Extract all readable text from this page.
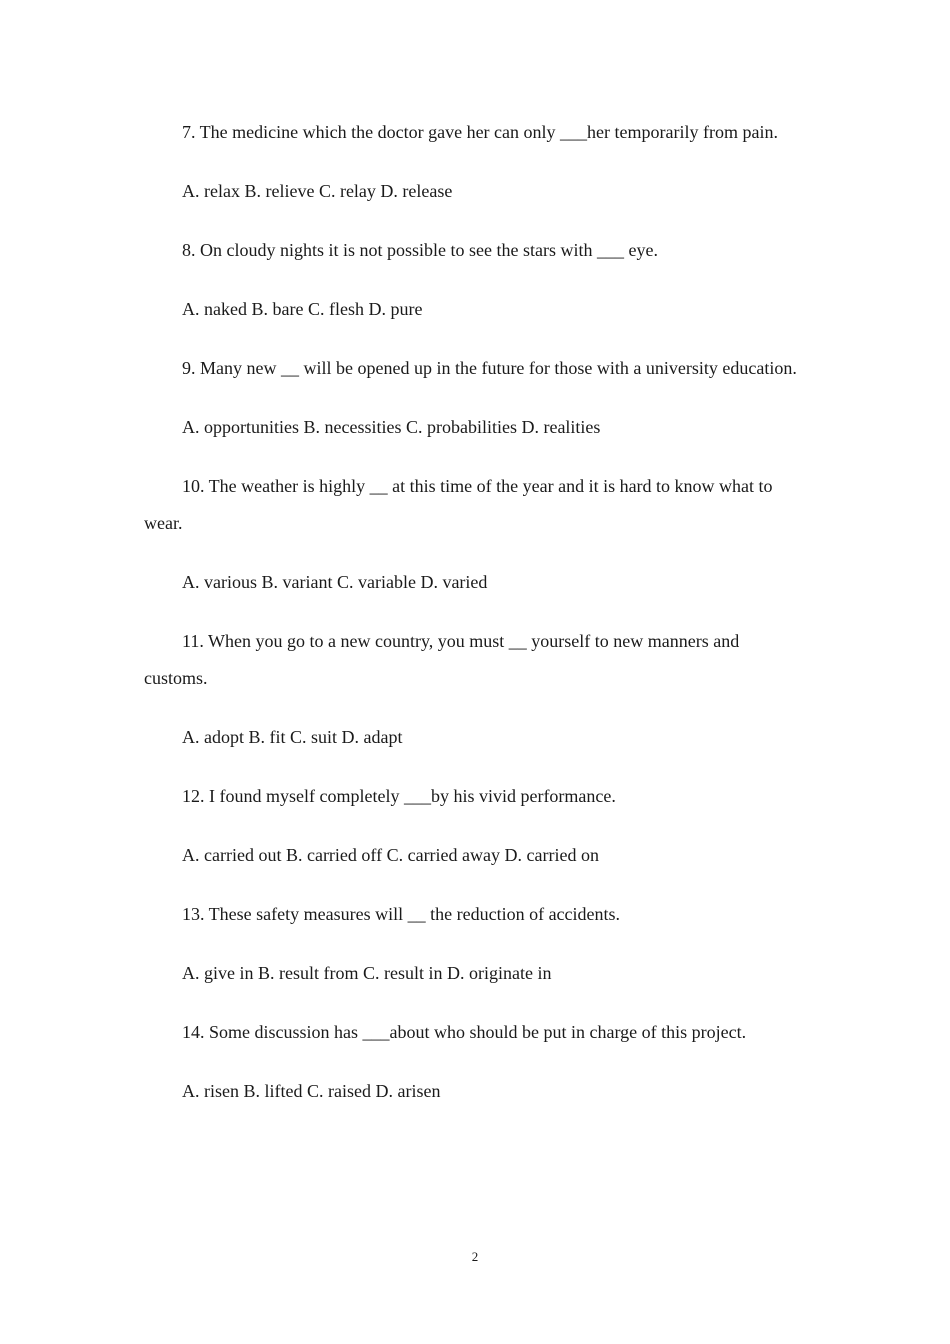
7. The medicine which the doctor gave her can only ___her temporarily from pain.

A. relax B. relieve C. relay D. release

8. On cloudy nights it is not possible to see the stars with ___ eye.

A. naked B. bare C. flesh D. pure

9. Many new __ will be opened up in the future for those with a university education.

A. opportunities B. necessities C. probabilities D. realities

10. The weather is highly __ at this time of the year and it is hard to know what to wear.

A. various B. variant C. variable D. varied

11. When you go to a new country, you must __ yourself to new manners and customs.

A. adopt B. fit C. suit D. adapt

12. I found myself completely ___by his vivid performance.

A. carried out B. carried off C. carried away D. carried on

13. These safety measures will __ the reduction of accidents.

A. give in B. result from C. result in D. originate in

14. Some discussion has ___about who should be put in charge of this project.

A. risen B. lifted C. raised D. arisen

2
